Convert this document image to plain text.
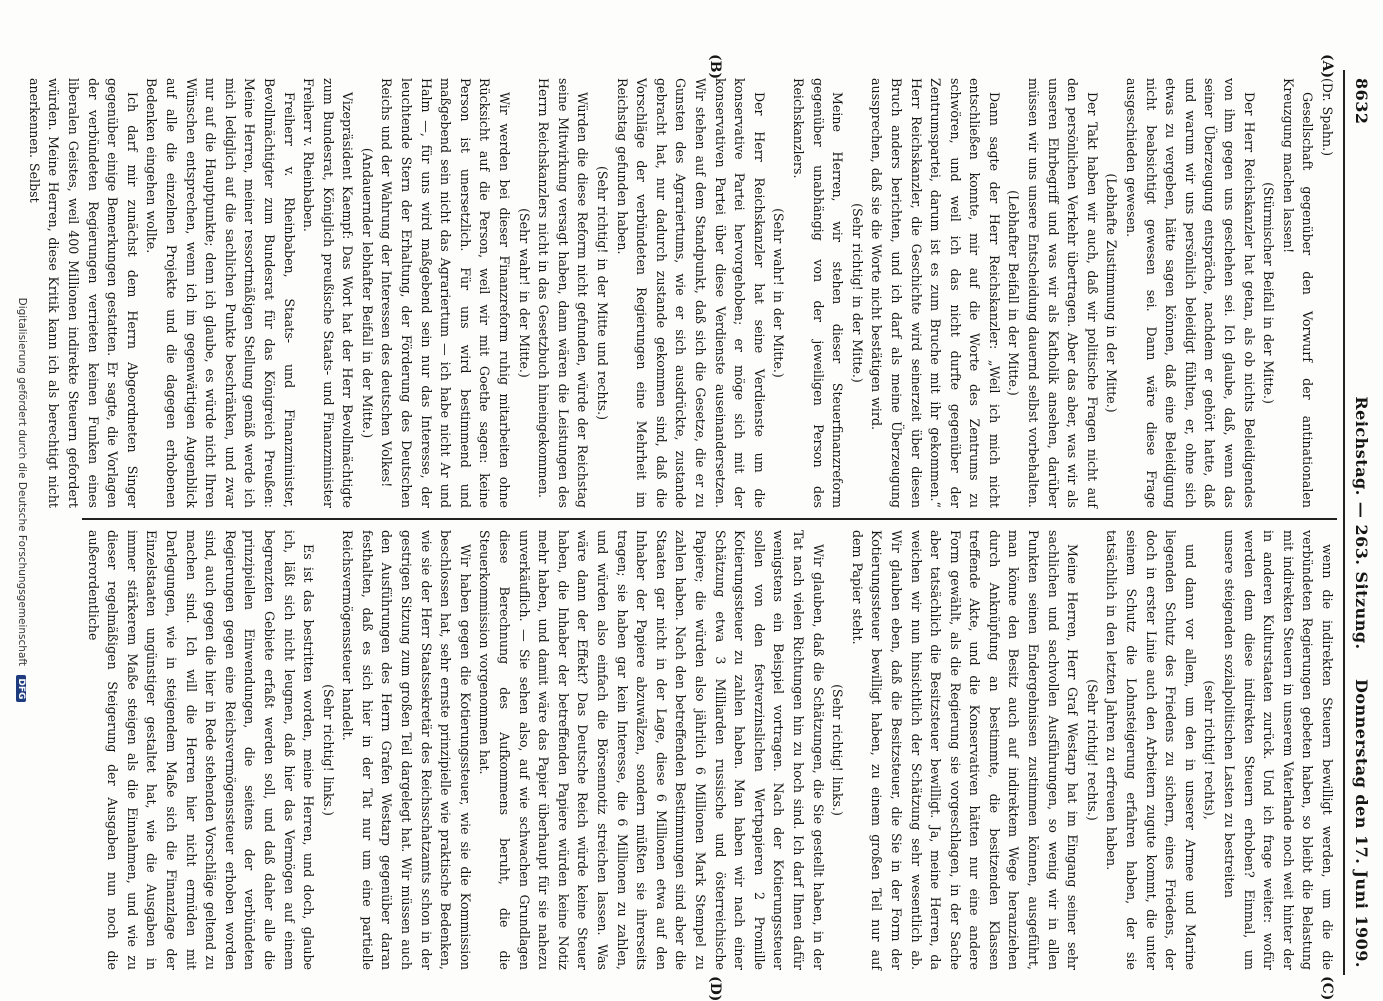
8632
Reichstag. — 263. Sitzung.
Donnerstag den 17. Juni 1909.
(A)
(B)
(C)
(D)

(Dr. Spahn.)

Gesellschaft gegenüber den Vorwurf der antinationalen Kreuzgung machen lassen!

(Stürmischer Beifall in der Mitte.)

Der Herr Reichskanzler hat getan, als ob nichts Beleidigendes von ihm gegen uns geschehen sei. Ich glaube, daß, wenn das seiner Überzeugung entspräche, nachdem er gehört hatte, daß und warum wir uns persönlich beleidigt fühlten, er, ohne sich etwas zu vergeben, hätte sagen können, daß eine Beleidigung nicht beabsichtigt gewesen sei. Dann wäre diese Frage ausgeschieden gewesen.

(Lebhafte Zustimmung in der Mitte.)

Der Takt haben wir auch, daß wir politische Fragen nicht auf den persönlichen Verkehr übertragen. Aber das aber, was wir als unseren Ehrbegriff und was wir als Katholik ansehen, darüber müssen wir uns unsere Entscheidung dauernd selbst vorbehalten.

(Lebhafter Beifall in der Mitte.)

Dann sagte der Herr Reichskanzler: „Weil ich mich nicht entschließen konnte, mir auf die Worte des Zentrums zu schwören, und weil ich das nicht durfte gegenüber der Zentrumspartei, darum ist es zum Bruche mit ihr gekommen.“ Herr Reichskanzler, die Geschichte wird seinerzeit über diesen Bruch anders berichten, und ich darf als meine Überzeugung aussprechen, daß sie die Worte nicht bestätigen wird.

(Sehr richtig! in der Mitte.)

Meine Herren, wir stehen dieser Steuerfinanzreform gegenüber unabhängig von der jeweiligen Person des Reichskanzlers.

(Sehr wahr! in der Mitte.)

Der Herr Reichskanzler hat seine Verdienste um die konservative Partei hervorgehoben; er möge sich mit der konservativen Partei über diese Verdienste auseinandersetzen. Wir stehen auf dem Standpunkt, daß sich die Gesetze, die er zu Gunsten des Agrariertums, wie er sich ausdrückte, zustande gebracht hat, nur dadurch zustande gekommen sind, daß die Vorschläge der verbündeten Regierungen eine Mehrheit im Reichstag gefunden haben.

(Sehr richtig! in der Mitte und rechts.)

Würden die diese Reform nicht gefunden, würde der Reichstag seine Mitwirkung versagt haben, dann wären die Leistungen des Herrn Reichskanzlers nicht in das Gesetzbuch hineingekommen.

(Sehr wahr! in der Mitte.)

Wir werden bei dieser Finanzreform ruhig mitarbeiten ohne Rücksicht auf die Person, weil wir mit Goethe sagen: keine Person ist unersetzlich. Für uns wird bestimmend und maßgebend sein nicht das Agrariertum — ich habe nicht Ar und Halm —, für uns wird maßgebend sein nur das Interesse, der leuchtende Stern der Erhaltung, der Förderung des Deutschen Reichs und der Wahrung der Interessen des deutschen Volkes!

(Andauernder lebhafter Beifall in der Mitte.)

Vizepräsident Kaempf: Das Wort hat der Herr Bevollmächtigte zum Bundesrat, Königlich preußische Staats- und Finanzminister Freiherr v. Rheinbaben.

Freiherr v. Rheinbaben, Staats- und Finanzminister, Bevollmächtigter zum Bundesrat für das Königreich Preußen: Meine Herren, meiner ressortmäßigen Stellung gemäß werde ich mich lediglich auf die sachlichen Punkte beschränken, und zwar nur auf die Hauptpunkte; denn ich glaube, es würde nicht Ihren Wünschen entsprechen, wenn ich im gegenwärtigen Augenblick auf alle die einzelnen Projekte und die dagegen erhobenen Bedenken eingehen wollte.

Ich darf mir zunächst dem Herrn Abgeordneten Singer gegenüber einige Bemerkungen gestatten. Er sagte, die Vorlagen der verbündeten Regierungen verrieten keinen Funken eines liberalen Geistes, weil 400 Millionen indirekte Steuern gefordert würden. Meine Herren, diese Kritik kann ich als berechtigt nicht anerkennen. Selbst

wenn die indirekten Steuern bewilligt werden, um die die verbündeten Regierungen gebeten haben, so bleibt die Belastung mit indirekten Steuern in unserem Vaterlande noch weit hinter der in anderen Kulturstaaten zurück. Und ich frage weiter: wofür werden denn diese indirekten Steuern erhoben? Einmal, um unsere steigenden sozialpolitischen Lasten zu bestreiten

(sehr richtig! rechts),

und dann vor allem, um den in unserer Armee und Marine liegenden Schutz des Friedens zu sichern, eines Friedens, der doch in erster Linie auch den Arbeitern zugute kommt, die unter seinem Schutz die Lohnsteigerung erfahren haben, der sie tatsächlich in den letzten Jahren zu erfreuen haben.

(Sehr richtig! rechts.)

Meine Herren, Herr Graf Westarp hat im Eingang seiner sehr sachlichen und sachvollen Ausführungen, so wenig wir in allen Punkten seinen Endergebnissen zustimmen können, ausgeführt, man könne den Besitz auch auf indirektem Wege heranziehen durch Anknüpfung an bestimmte, die besitzenden Klassen treffende Akte, und die Konservativen hätten nur eine andere Form gewählt, als die Regierung sie vorgeschlagen, in der Sache aber tatsächlich die Besitzsteuer bewilligt. Ja, meine Herren, da weichen wir nun hinsichtlich der Schätzung sehr wesentlich ab. Wir glauben eben, daß die Besitzsteuer, die Sie in der Form der Kotierungssteuer bewilligt haben, zu einem großen Teil nur auf dem Papier steht.

(Sehr richtig! links.)

Wir glauben, daß die Schätzungen, die Sie gestellt haben, in der Tat nach vielen Richtungen hin zu hoch sind. Ich darf Ihnen dafür wenigstens ein Beispiel vortragen. Nach der Kotierungssteuer sollen von den festverzinslichen Wertpapieren 2 Promille Kotierungssteuer zu zahlen haben. Man haben wir nach einer Schätzung etwa 3 Milliarden russische und österreichische Papiere; die würden also jährlich 6 Millionen Mark Stempel zu zahlen haben. Nach den betreffenden Bestimmungen sind aber die Staaten gar nicht in der Lage, diese 6 Millionen etwa auf den Inhaber der Papiere abzuwälzen, sondern müßten sie ihrerseits tragen; sie haben gar kein Interesse, die 6 Millionen zu zahlen, und würden also einfach die Börsennotiz streichen lassen. Was wäre dann der Effekt? Das Deutsche Reich würde keine Steuer haben, die Inhaber der betreffenden Papiere würden keine Notiz mehr haben, und damit wäre das Papier überhaupt für sie nahezu unverkäuflich. — Sie sehen also, auf wie schwachen Grundlagen diese Berechnung des Aufkommens beruht, die die Steuerkommission vorgenommen hat.

Wir haben gegen die Kotierungssteuer, wie sie die Kommission beschlossen hat, sehr ernste prinzipielle wie praktische Bedenken, wie sie der Herr Staatssekretär des Reichsschatzamts schon in der gestrigen Sitzung zum großen Teil dargelegt hat. Wir müssen auch den Ausführungen des Herrn Grafen Westarp gegenüber daran festhalten, daß es sich hier in der Tat nur um eine partielle Reichsvermögenssteuer handelt.

(Sehr richtig! links.)

Es ist das bestritten worden, meine Herren, und doch, glaube ich, läßt sich nicht leugnen, daß hier das Vermögen auf einem begrenzten Gebiete erfaßt werden soll, und daß daher alle die prinzipiellen Einwendungen, die seitens der verbündeten Regierungen gegen eine Reichsvermögenssteuer erhoben worden sind, auch gegen die hier in Rede stehenden Vorschläge geltend zu machen sind. Ich will die Herren hier nicht ermüden mit Darlegungen, wie in steigendem Maße sich die Finanzlage der Einzelstaaten ungünstiger gestaltet hat, wie die Ausgaben in immer stärkerem Maße steigen als die Einnahmen, und wie zu dieser regelmäßigen Steigerung der Ausgaben nun noch die außerordentliche

Digitalisierung gefördert durch die Deutsche Forschungsgemeinschaft DFG
